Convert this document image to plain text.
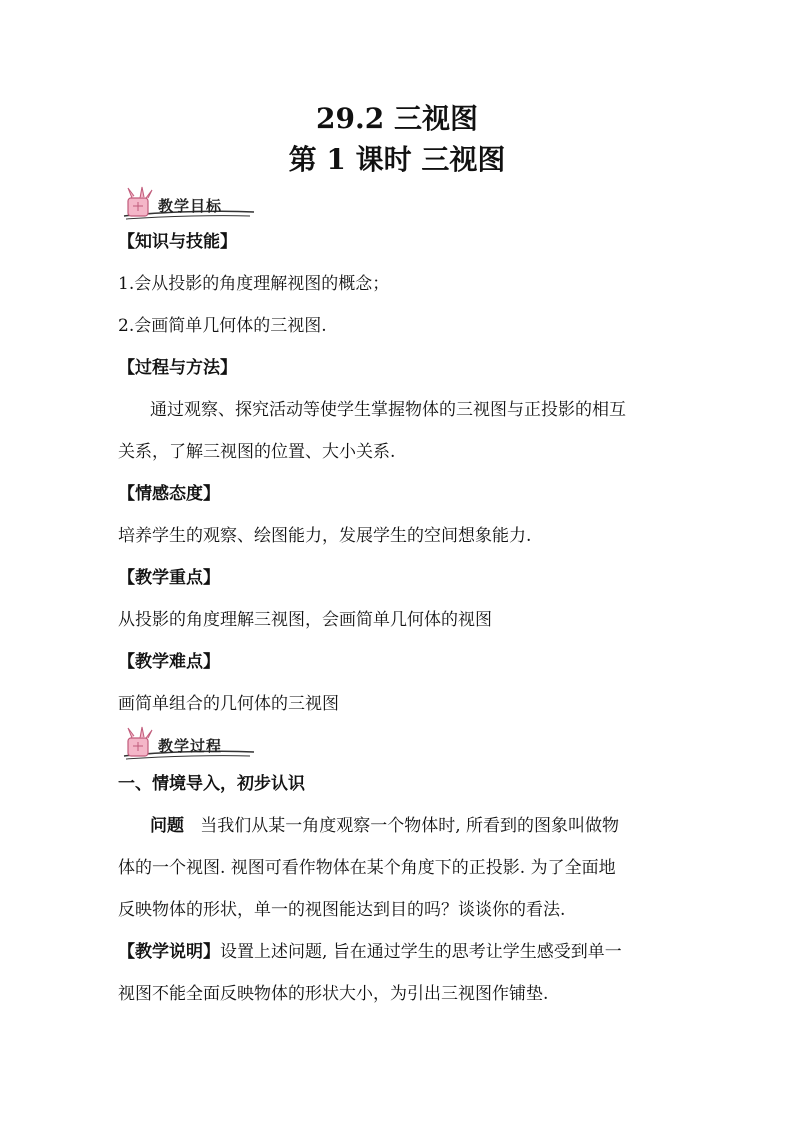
29.2 三视图
第 1 课时 三视图
教学目标
【知识与技能】
1.会从投影的角度理解视图的概念；
2.会画简单几何体的三视图.
【过程与方法】
通过观察、探究活动等使学生掌握物体的三视图与正投影的相互
关系，了解三视图的位置、大小关系.
【情感态度】
培养学生的观察、绘图能力，发展学生的空间想象能力.
【教学重点】
从投影的角度理解三视图，会画简单几何体的视图
【教学难点】
画简单组合的几何体的三视图
教学过程
一、情境导入，初步认识
问题 当我们从某一角度观察一个物体时, 所看到的图象叫做物
体的一个视图. 视图可看作物体在某个角度下的正投影. 为了全面地
反映物体的形状，单一的视图能达到目的吗？谈谈你的看法.
【教学说明】设置上述问题, 旨在通过学生的思考让学生感受到单一
视图不能全面反映物体的形状大小，为引出三视图作铺垫.
